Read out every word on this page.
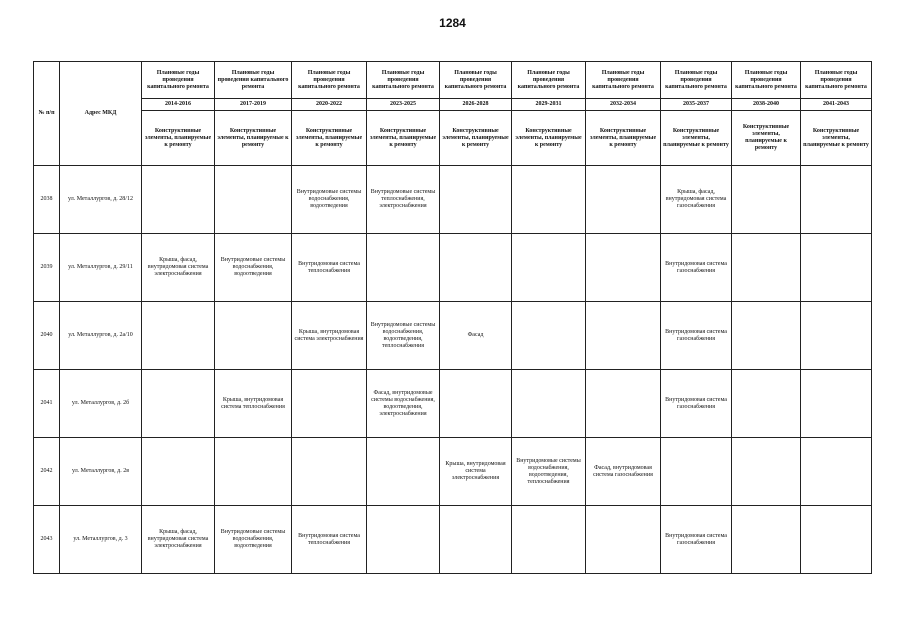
1284
№ п/п	Адрес МКД	Плановые годы проведения капитального ремонта	Плановые годы проведения капитального ремонта	Плановые годы проведения капитального ремонта	Плановые годы проведения капитального ремонта	Плановые годы проведения капитального ремонта	Плановые годы проведения капитального ремонта	Плановые годы проведения капитального ремонта	Плановые годы проведения капитального ремонта	Плановые годы проведения капитального ремонта	Плановые годы проведения капитального ремонта
		2014-2016	2017-2019	2020-2022	2023-2025	2026-2028	2029-2031	2032-2034	2035-2037	2038-2040	2041-2043
		Конструктивные элементы, планируемые к ремонту	Конструктивные элементы, планируемые к ремонту	Конструктивные элементы, планируемые к ремонту	Конструктивные элементы, планируемые к ремонту	Конструктивные элементы, планируемые к ремонту	Конструктивные элементы, планируемые к ремонту	Конструктивные элементы, планируемые к ремонту	Конструктивные элементы, планируемые к ремонту	Конструктивные элементы, планируемые к ремонту	Конструктивные элементы, планируемые к ремонту
2038	ул. Металлургов, д. 28/12			Внутридомовые системы водоснабжения, водоотведения	Внутридомовые системы теплоснабжения, электроснабжения				Крыша, фасад, внутридомовая система газоснабжения		
2039	ул. Металлургов, д. 29/11	Крыша, фасад, внутридомовая система электроснабжения	Внутридомовые системы водоснабжения, водоотведения	Внутридомовая система теплоснабжения					Внутридомовая система газоснабжения		
2040	ул. Металлургов, д. 2а/10			Крыша, внутридомовая система электроснабжения	Внутридомовые системы водоснабжения, водоотведения, теплоснабжения	Фасад			Внутридомовая система газоснабжения		
2041	ул. Металлургов, д. 2б		Крыша, внутридомовая система теплоснабжения		Фасад, внутридомовые системы водоснабжения, водоотведения, электроснабжения				Внутридомовая система газоснабжения		
2042	ул. Металлургов, д. 2в					Крыша, внутридомовая система электроснабжения	Внутридомовые системы водоснабжения, водоотведения, теплоснабжения	Фасад, внутридомовая система газоснабжения			
2043	ул. Металлургов, д. 3	Крыша, фасад, внутридомовая система электроснабжения	Внутридомовые системы водоснабжения, водоотведения	Внутридомовая система теплоснабжения					Внутридомовая система газоснабжения		
